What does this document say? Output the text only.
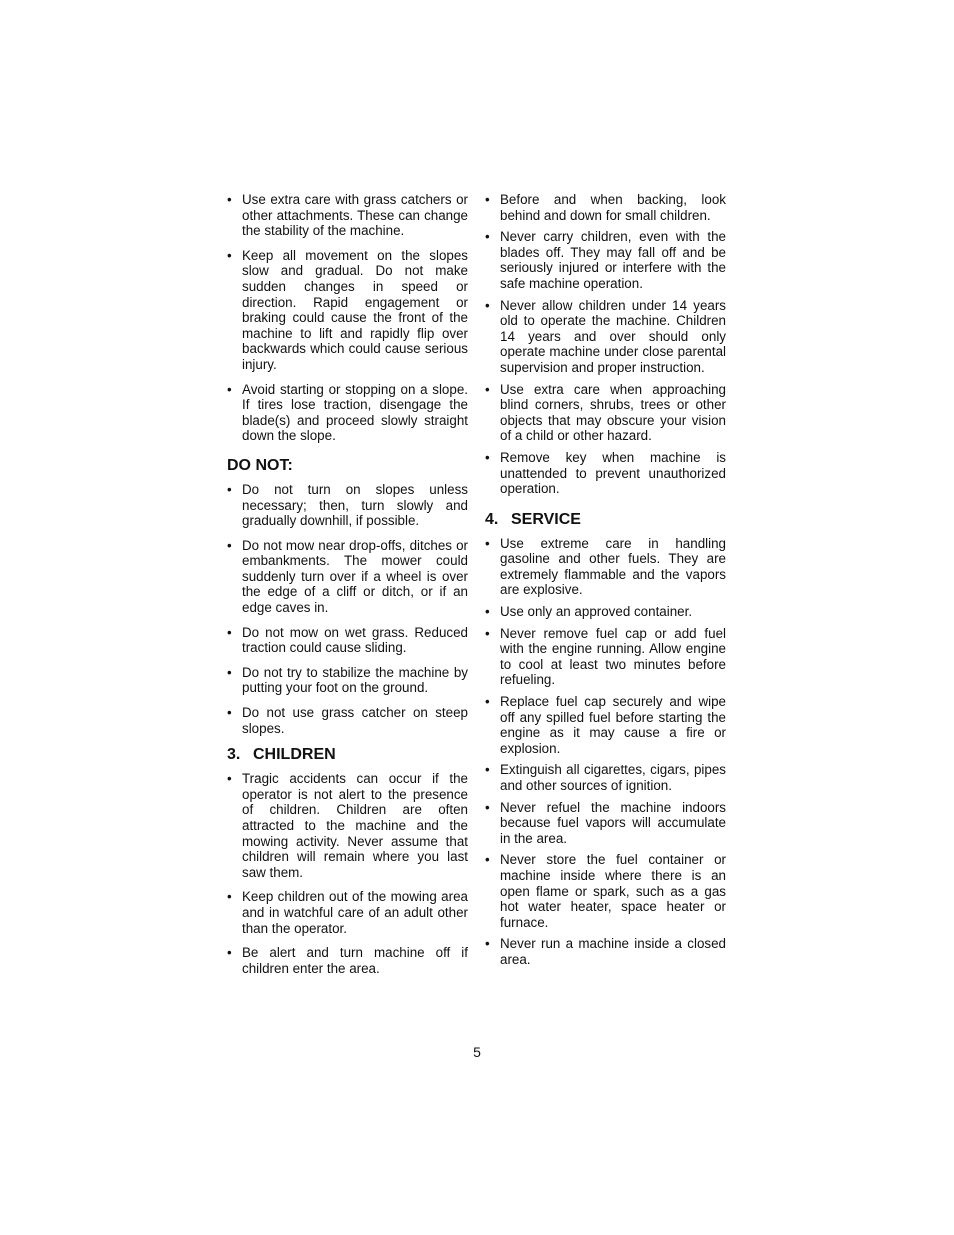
• Use extra care with grass catchers or other attachments. These can change the stability of the machine.
• Keep all movement on the slopes slow and gradual. Do not make sudden changes in speed or direction. Rapid engagement or braking could cause the front of the machine to lift and rapidly flip over backwards which could cause serious injury.
• Avoid starting or stopping on a slope. If tires lose traction, disengage the blade(s) and proceed slowly straight down the slope.
DO NOT:
• Do not turn on slopes unless necessary; then, turn slowly and gradually downhill, if possible.
• Do not mow near drop-offs, ditches or embankments. The mower could suddenly turn over if a wheel is over the edge of a cliff or ditch, or if an edge caves in.
• Do not mow on wet grass. Reduced traction could cause sliding.
• Do not try to stabilize the machine by putting your foot on the ground.
• Do not use grass catcher on steep slopes.
3. CHILDREN
• Tragic accidents can occur if the operator is not alert to the presence of children. Children are often attracted to the machine and the mowing activity. Never assume that children will remain where you last saw them.
• Keep children out of the mowing area and in watchful care of an adult other than the operator.
• Be alert and turn machine off if children enter the area.
• Before and when backing, look behind and down for small children.
• Never carry children, even with the blades off. They may fall off and be seriously injured or interfere with the safe machine operation.
• Never allow children under 14 years old to operate the machine. Children 14 years and over should only operate machine under close parental supervision and proper instruction.
• Use extra care when approaching blind corners, shrubs, trees or other objects that may obscure your vision of a child or other hazard.
• Remove key when machine is unattended to prevent unauthorized operation.
4. SERVICE
• Use extreme care in handling gasoline and other fuels. They are extremely flammable and the vapors are explosive.
• Use only an approved container.
• Never remove fuel cap or add fuel with the engine running. Allow engine to cool at least two minutes before refueling.
• Replace fuel cap securely and wipe off any spilled fuel before starting the engine as it may cause a fire or explosion.
• Extinguish all cigarettes, cigars, pipes and other sources of ignition.
• Never refuel the machine indoors because fuel vapors will accumulate in the area.
• Never store the fuel container or machine inside where there is an open flame or spark, such as a gas hot water heater, space heater or furnace.
• Never run a machine inside a closed area.
5
